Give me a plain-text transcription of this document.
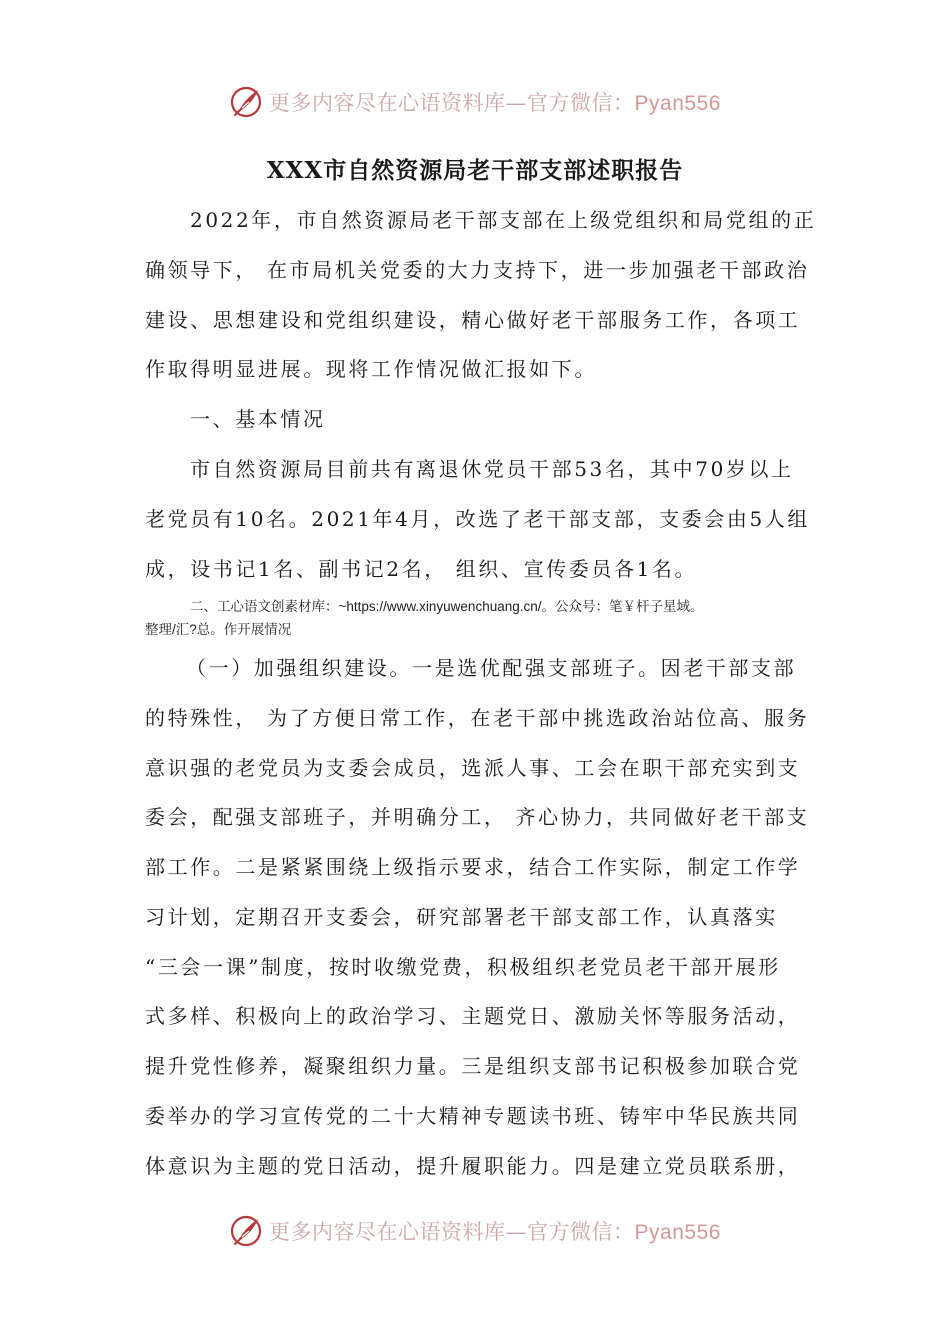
更多内容尽在心语资料库—官方微信：Pyan556
XXX市自然资源局老干部支部述职报告
2022年，市自然资源局老干部支部在上级党组织和局党组的正
确领导下， 在市局机关党委的大力支持下，进一步加强老干部政治
建设、思想建设和党组织建设，精心做好老干部服务工作，各项工
作取得明显进展。现将工作情况做汇报如下。
一、基本情况
市自然资源局目前共有离退休党员干部53名，其中70岁以上
老党员有10名。2021年4月，改选了老干部支部，支委会由5人组
成，设书记1名、副书记2名， 组织、宣传委员各1名。
二、工心语文创素材库：~https://www.xinyuwenchuang.cn/。公众号：笔￥杆子星域。
整理/汇?总。作开展情况
（一）加强组织建设。一是选优配强支部班子。因老干部支部
的特殊性， 为了方便日常工作，在老干部中挑选政治站位高、服务
意识强的老党员为支委会成员，选派人事、工会在职干部充实到支
委会，配强支部班子，并明确分工， 齐心协力，共同做好老干部支
部工作。二是紧紧围绕上级指示要求，结合工作实际，制定工作学
习计划，定期召开支委会，研究部署老干部支部工作，认真落实
“三会一课”制度，按时收缴党费，积极组织老党员老干部开展形
式多样、积极向上的政治学习、主题党日、激励关怀等服务活动，
提升党性修养，凝聚组织力量。三是组织支部书记积极参加联合党
委举办的学习宣传党的二十大精神专题读书班、铸牢中华民族共同
体意识为主题的党日活动，提升履职能力。四是建立党员联系册，
更多内容尽在心语资料库—官方微信：Pyan556
